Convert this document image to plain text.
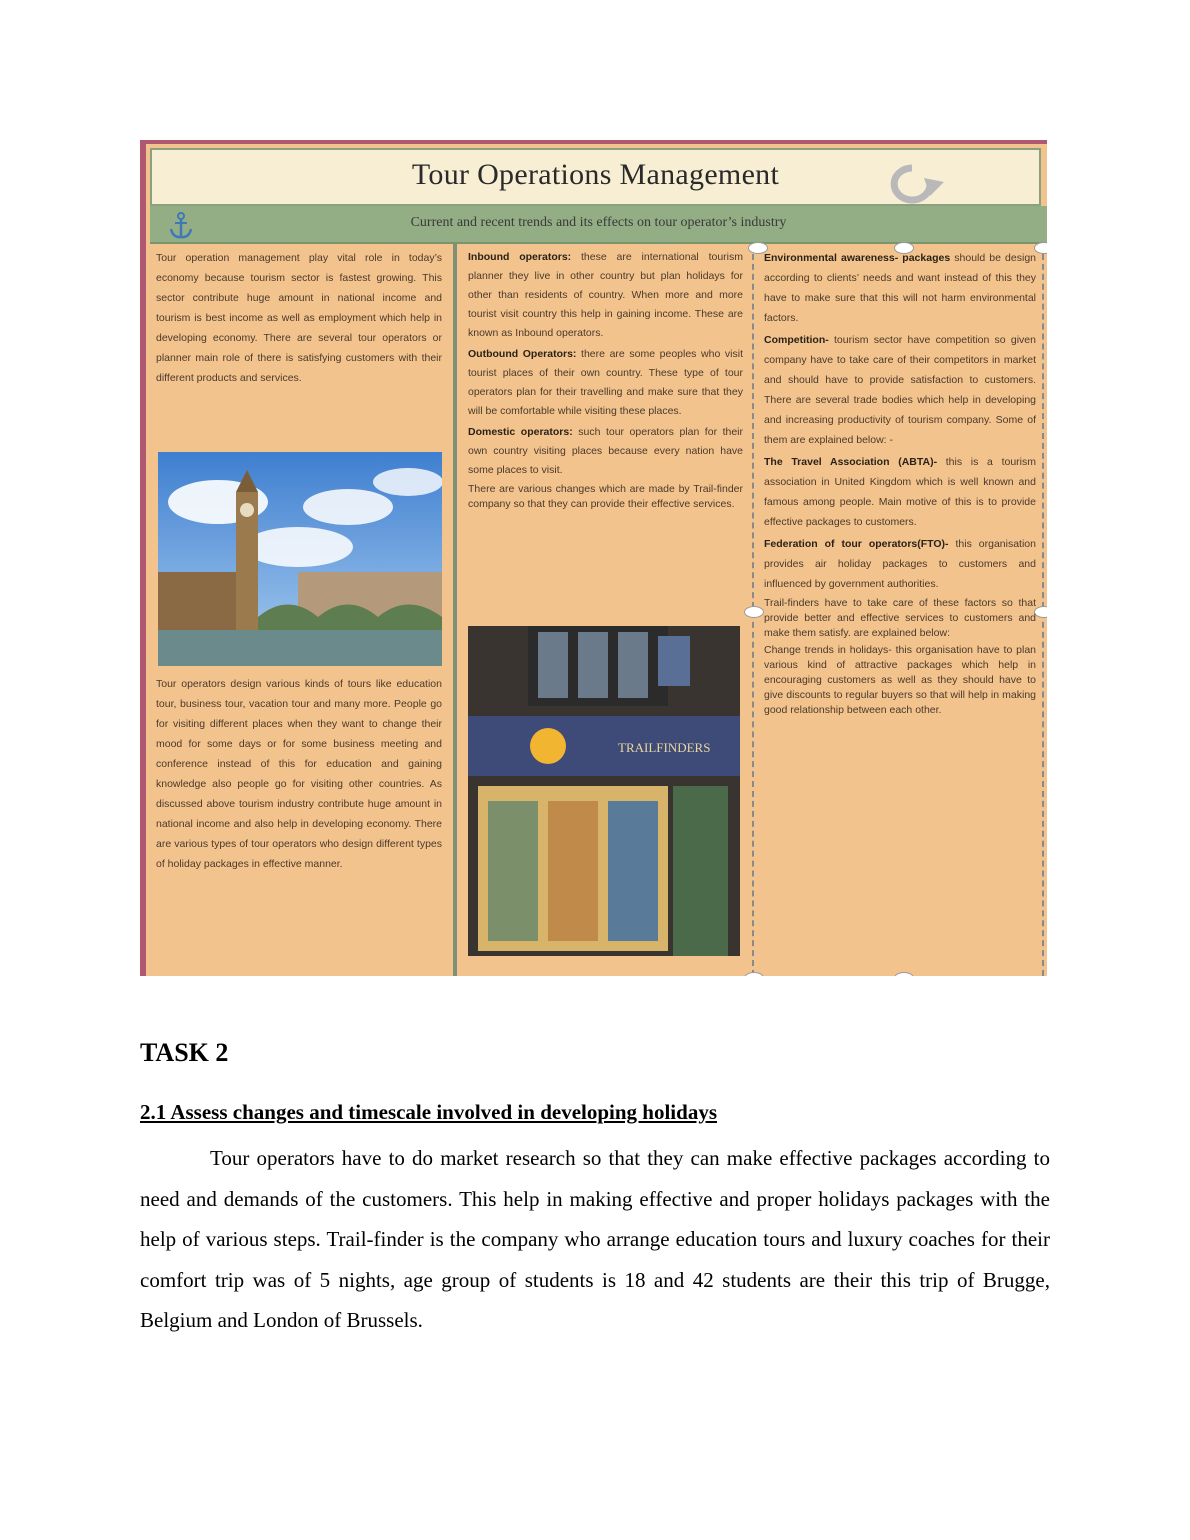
Tour Operations Management
Current and recent trends and its effects on tour operator’s industry

Tour operation management play vital role in today’s economy because tourism sector is fastest growing. This sector contribute huge amount in national income and tourism is best income as well as employment which help in developing economy. There are several tour operators or planner main role of there is satisfying customers with their different products and services.

Tour operators design various kinds of tours like education tour, business tour, vacation tour and many more. People go for visiting different places when they want to change their mood for some days or for some business meeting and conference instead of this for education and gaining knowledge also people go for visiting other countries. As discussed above tourism industry contribute huge amount in national income and also help in developing economy. There are various types of tour operators who design different types of holiday packages in effective manner.

Inbound operators: these are international tourism planner they live in other country but plan holidays for other than residents of country. When more and more tourist visit country this help in gaining income. These are known as Inbound operators.

Outbound Operators: there are some peoples who visit tourist places of their own country. These type of tour operators plan for their travelling and make sure that they will be comfortable while visiting these places.

Domestic operators: such tour operators plan for their own country visiting places because every nation have some places to visit.

There are various changes which are made by Trail-finder company so that they can provide their effective services.

TRAILFINDERS

Environmental awareness- packages should be design according to clients’ needs and want instead of this they have to make sure that this will not harm environmental factors.

Competition- tourism sector have competition so given company have to take care of their competitors in market and should have to provide satisfaction to customers. There are several trade bodies which help in developing and increasing productivity of tourism company. Some of them are explained below: -

The Travel Association (ABTA)- this is a tourism association in United Kingdom which is well known and famous among people. Main motive of this is to provide effective packages to customers.

Federation of tour operators(FTO)- this organisation provides air holiday packages to customers and influenced by government authorities.

Trail-finders have to take care of these factors so that provide better and effective services to customers and make them satisfy. are explained below:

Change trends in holidays- this organisation have to plan various kind of attractive packages which help in encouraging customers as well as they should have to give discounts to regular buyers so that will help in making good relationship between each other.

TASK 2
2.1 Assess changes and timescale involved in developing holidays

Tour operators have to do market research so that they can make effective packages according to need and demands of the customers. This help in making effective and proper holidays packages with the help of various steps. Trail-finder is the company who arrange education tours and luxury coaches for their comfort trip was of 5 nights, age group of students is 18 and 42 students are their this trip of Brugge, Belgium and London of Brussels.
